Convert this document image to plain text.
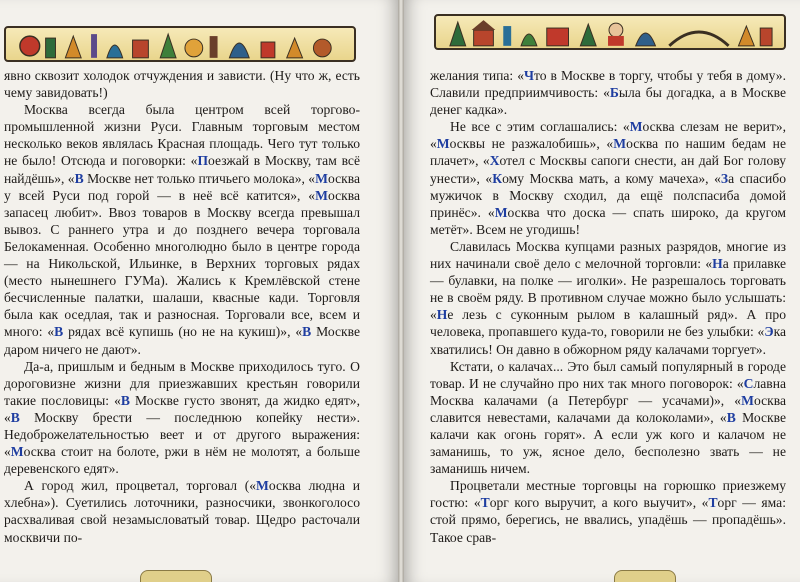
явно сквозит холодок отчуждения и зависти. (Ну что ж, есть чему завидовать!)

Москва всегда была центром всей торгово-промышленной жизни Руси. Главным торговым местом несколько веков являлась Красная площадь. Чего тут только не было! Отсюда и поговорки: «Поезжай в Москву, там всё найдёшь», «В Москве нет только птичьего молока», «Москва у всей Руси под горой — в неё всё катится», «Москва запасец любит». Ввоз товаров в Москву всегда превышал вывоз. С раннего утра и до позднего вечера торговала Белокаменная. Особенно многолюдно было в центре города — на Никольской, Ильинке, в Верхних торговых рядах (место нынешнего ГУМа). Жались к Кремлёвской стене бесчисленные палатки, шалаши, квасные кади. Торговля была как оседлая, так и разносная. Торговали все, всем и много: «В рядах всё купишь (но не на кукиш)», «В Москве даром ничего не дают».

Да-а, пришлым и бедным в Москве приходилось туго. О дороговизне жизни для приезжавших крестьян говорили такие пословицы: «В Москве густо звонят, да жидко едят», «В Москву брести — последнюю копейку нести». Недоброжелательностью веет и от другого выражения: «Москва стоит на болоте, ржи в нём не молотят, а больше деревенского едят».

А город жил, процветал, торговал («Москва людна и хлебна»). Суетились лоточники, разносчики, звонкоголосо расхваливая свой незамысловатый товар. Щедро расточали москвичи по-

желания типа: «Что в Москве в торгу, чтобы у тебя в дому». Славили предприимчивость: «Была бы догадка, а в Москве денег кадка».

Не все с этим соглашались: «Москва слезам не верит», «Москвы не разжалобишь», «Москва по нашим бедам не плачет», «Хотел с Москвы сапоги снести, ан дай Бог голову унести», «Кому Москва мать, а кому мачеха», «За спасибо мужичок в Москву сходил, да ещё полспасиба домой принёс». «Москва что доска — спать широко, да кругом метёт». Всем не угодишь!

Славилась Москва купцами разных разрядов, многие из них начинали своё дело с мелочной торговли: «На прилавке — булавки, на полке — иголки». Не разрешалось торговать не в своём ряду. В противном случае можно было услышать: «Не лезь с суконным рылом в калашный ряд». А про человека, пропавшего куда-то, говорили не без улыбки: «Эка хватились! Он давно в обжорном ряду калачами торгует».

Кстати, о калачах... Это был самый популярный в городе товар. И не случайно про них так много поговорок: «Славна Москва калачами (а Петербург — усачами)», «Москва славится невестами, калачами да колоколами», «В Москве калачи как огонь горят». А если уж кого и калачом не заманишь, то уж, ясное дело, бесполезно звать — не заманишь ничем.

Процветали местные торговцы на горюшко приезжему гостю: «Торг кого выручит, а кого выучит», «Торг — яма: стой прямо, берегись, не ввались, упадёшь — пропадёшь». Такое срав-
